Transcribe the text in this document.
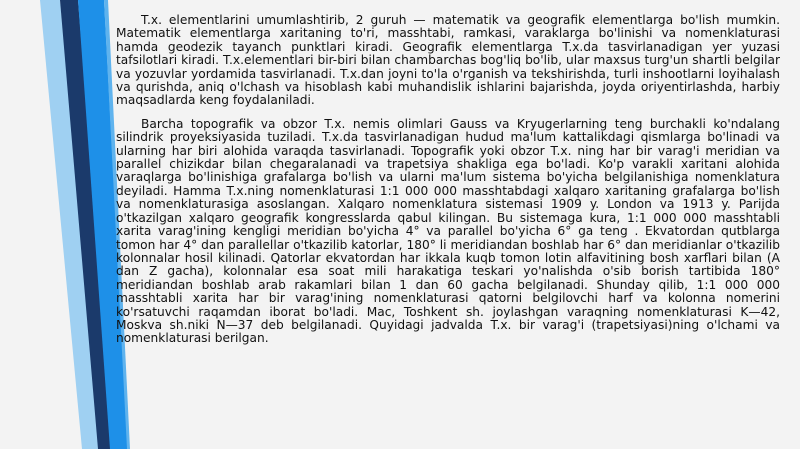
T.x. elementlarini umumlashtirib, 2 guruh — matematik va geografik elementlarga bo'lish mumkin. Matematik elementlarga xaritaning to'ri, masshtabi, ramkasi, varaklarga bo'linishi va nomenklaturasi hamda geodezik tayanch punktlari kiradi. Geografik elementlarga T.x.da tasvirlanadigan yer yuzasi tafsilotlari kiradi. T.x.elementlari bir-biri bilan chambarchas bog'liq bo'lib, ular maxsus turg'un shartli belgilar va yozuvlar yordamida tasvirlanadi. T.x.dan joyni to'la o'rganish va tekshirishda, turli inshootlarni loyihalash va qurishda, aniq o'lchash va hisoblash kabi muhandislik ishlarini bajarishda, joyda oriyentirlashda, harbiy maqsadlarda keng foydalaniladi.

Barcha topografik va obzor T.x. nemis olimlari Gauss va Kryugerlarning teng burchakli ko'ndalang silindrik proyeksiyasida tuziladi. T.x.da tasvirlanadigan hudud ma'lum kattalikdagi qismlarga bo'linadi va ularning har biri alohida varaqda tasvirlanadi. Topografik yoki obzor T.x. ning har bir varag'i meridian va parallel chizikdar bilan chegaralanadi va trapetsiya shakliga ega bo'ladi. Ko'p varakli xaritani alohida varaqlarga bo'linishiga grafalarga bo'lish va ularni ma'lum sistema bo'yicha belgilanishiga nomenklatura deyiladi. Hamma T.x.ning nomenklaturasi 1:1 000 000 masshtabdagi xalqaro xaritaning grafalarga bo'lish va nomenklaturasiga asoslangan. Xalqaro nomenklatura sistemasi 1909 y. London va 1913 y. Parijda o'tkazilgan xalqaro geografik kongresslarda qabul kilingan. Bu sistemaga kura, 1:1 000 000 masshtabli xarita varag'ining kengligi meridian bo'yicha 4° va parallel bo'yicha 6° ga teng . Ekvatordan qutblarga tomon har 4° dan parallellar o'tkazilib katorlar, 180° li meridiandan boshlab har 6° dan meridianlar o'tkazilib kolonnalar hosil kilinadi. Qatorlar ekvatordan har ikkala kuqb tomon lotin alfavitining bosh xarflari bilan (A dan Z gacha), kolonnalar esa soat mili harakatiga teskari yo'nalishda o'sib borish tartibida 180° meridiandan boshlab arab rakamlari bilan 1 dan 60 gacha belgilanadi. Shunday qilib, 1:1 000 000 masshtabli xarita har bir varag'ining nomenklaturasi qatorni belgilovchi harf va kolonna nomerini ko'rsatuvchi raqamdan iborat bo'ladi. Mac, Toshkent sh. joylashgan varaqning nomenklaturasi K—42, Moskva sh.niki N—37 deb belgilanadi. Quyidagi jadvalda T.x. bir varag'i (trapetsiyasi)ning o'lchami va nomenklaturasi berilgan.
